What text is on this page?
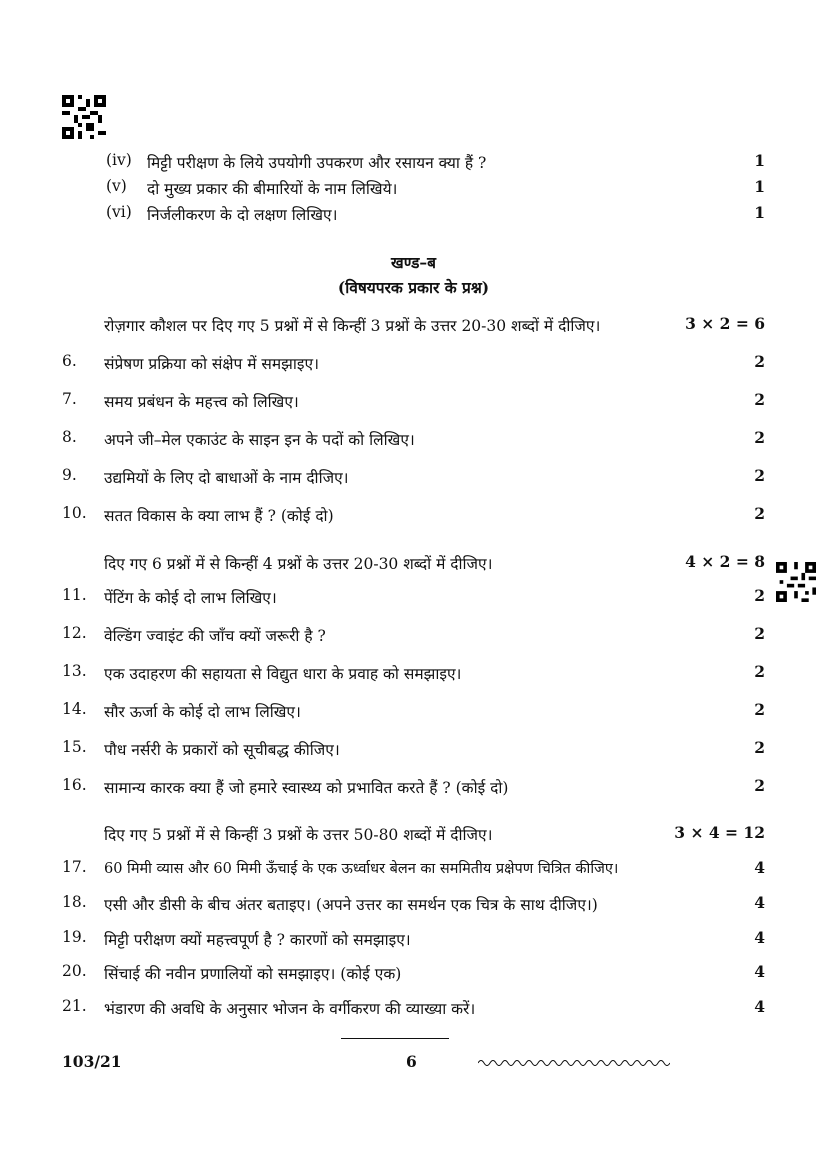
(iv) मिट्टी परीक्षण के लिये उपयोगी उपकरण और रसायन क्या हैं ?	1
(v) दो मुख्य प्रकार की बीमारियों के नाम लिखिये।	1
(vi) निर्जलीकरण के दो लक्षण लिखिए।	1
खण्ड–ब
(विषयपरक प्रकार के प्रश्न)
रोज़गार कौशल पर दिए गए 5 प्रश्नों में से किन्हीं 3 प्रश्नों के उत्तर 20-30 शब्दों में दीजिए।	3 × 2 = 6
6. संप्रेषण प्रक्रिया को संक्षेप में समझाइए।	2
7. समय प्रबंधन के महत्त्व को लिखिए।	2
8. अपने जी–मेल एकाउंट के साइन इन के पदों को लिखिए।	2
9. उद्यमियों के लिए दो बाधाओं के नाम दीजिए।	2
10. सतत विकास के क्या लाभ हैं ? (कोई दो)	2
दिए गए 6 प्रश्नों में से किन्हीं 4 प्रश्नों के उत्तर 20-30 शब्दों में दीजिए।	4 × 2 = 8
11. पेंटिंग के कोई दो लाभ लिखिए।	2
12. वेल्डिंग ज्वाइंट की जाँच क्यों जरूरी है ?	2
13. एक उदाहरण की सहायता से विद्युत धारा के प्रवाह को समझाइए।	2
14. सौर ऊर्जा के कोई दो लाभ लिखिए।	2
15. पौध नर्सरी के प्रकारों को सूचीबद्ध कीजिए।	2
16. सामान्य कारक क्या हैं जो हमारे स्वास्थ्य को प्रभावित करते हैं ? (कोई दो)	2
दिए गए 5 प्रश्नों में से किन्हीं 3 प्रश्नों के उत्तर 50-80 शब्दों में दीजिए।	3 × 4 = 12
17. 60 मिमी व्यास और 60 मिमी ऊँचाई के एक ऊर्ध्वाधर बेलन का सममितीय प्रक्षेपण चित्रित कीजिए।	4
18. एसी और डीसी के बीच अंतर बताइए। (अपने उत्तर का समर्थन एक चित्र के साथ दीजिए।)	4
19. मिट्टी परीक्षण क्यों महत्त्वपूर्ण है ? कारणों को समझाइए।	4
20. सिंचाई की नवीन प्रणालियों को समझाइए। (कोई एक)	4
21. भंडारण की अवधि के अनुसार भोजन के वर्गीकरण की व्याख्या करें।	4
103/21	6
